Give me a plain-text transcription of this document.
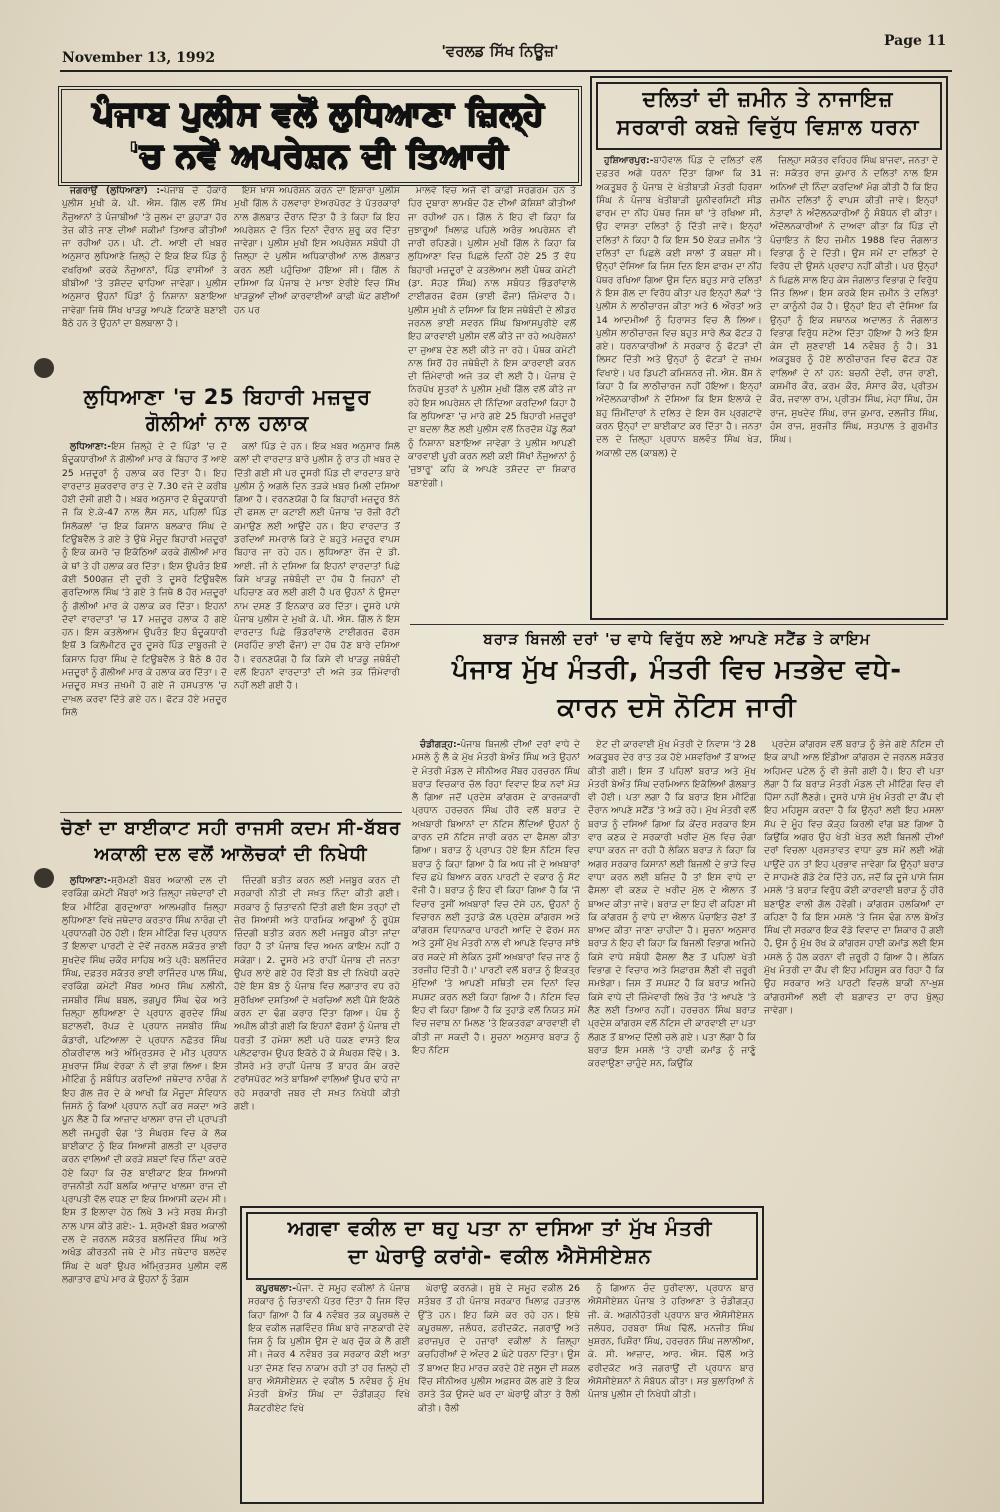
November 13, 1992	'ਵਰਲਡ ਸਿੱਖ ਨਿਊਜ਼'
Page 11
ਪੰਜਾਬ ਪੁਲੀਸ ਵਲੋਂ ਲੁਧਿਆਣਾ ਜ਼ਿਲ੍ਹੇ
'ਚ ਨਵੇਂ ਅਪਰੇਸ਼ਨ ਦੀ ਤਿਆਰੀ

ਜਗਰਾਉਂ (ਲੁਧਿਆਣਾ) :-ਪੰਜਾਬ ਦੇ ਹੱਕਾਰੇ ਪੁਲੀਸ ਮੁਖੀ ਕੇ. ਪੀ. ਐਸ. ਗਿੱਲ ਵਲੋਂ ਸਿੱਖ ਨੌਜੁਆਨਾਂ ਤੇ ਪੰਜਾਬੀਆਂ 'ਤੇ ਜ਼ੁਲਮ ਦਾ ਕੁਹਾੜਾ ਹੋਰ ਤੇਜ਼ ਕੀਤੇ ਜਾਣ ਦੀਆਂ ਸਕੀਮਾਂ ਤਿਆਰ ਕੀਤੀਆਂ ਜਾ ਰਹੀਆਂ ਹਨ। ਪੀ. ਟੀ. ਆਈ ਦੀ ਖ਼ਬਰ ਅਨੁਸਾਰ ਲੁਧਿਆਣੇ ਜ਼ਿਲ੍ਹੇ ਦੇ ਇਕ ਇਕ ਪਿੰਡ ਨੂੰ ਵਖਰਿਆਂ ਕਰਕੇ ਨੌਜੁਆਨਾਂ, ਪਿੰਡ ਵਾਸੀਆਂ ਤੇ ਬੀਬੀਆਂ 'ਤੇ ਤਸ਼ੱਦਦ ਢਾਹਿਆ ਜਾਵੇਗਾ। ਪੁਲੀਸ ਅਨੁਸਾਰ ਉਹਨਾਂ ਪਿੰਡਾਂ ਨੂੰ ਨਿਸ਼ਾਨਾ ਬਣਾਇਆ ਜਾਵੇਗਾ ਜਿਥੇ ਸਿੱਖ ਖਾੜਕੂ ਆਪਣੇ ਟਿਕਾਣੇ ਬਣਾਈ ਬੈਠੇ ਹਨ ਤੇ ਉਹਨਾਂ ਦਾ ਬੋਲਬਾਲਾ ਹੈ।

ਇਸ ਖ਼ਾਸ ਅਪਰੇਸ਼ਨ ਕਰਨ ਦਾ ਇਸ਼ਾਰਾ ਪੁਲੀਸ ਮੁਖੀ ਗਿੱਲ ਨੇ ਹਲਵਾਰਾ ਏਅਰਪੋਰਟ ਤੇ ਪੱਤਰਕਾਰਾਂ ਨਾਲ ਗੱਲਬਾਤ ਦੌਰਾਨ ਦਿੱਤਾ ਹੈ ਤੇ ਕਿਹਾ ਕਿ ਇਹ ਅਪਰੇਸ਼ਨ ਦੋ ਤਿੰਨ ਦਿਨਾਂ ਦੌਰਾਨ ਸ਼ੁਰੂ ਕਰ ਦਿੱਤਾ ਜਾਵੇਗਾ। ਪੁਲੀਸ ਮੁਖੀ ਇਸ ਅਪਰੇਸ਼ਨ ਸਬੰਧੀ ਹੀ ਜ਼ਿਲ੍ਹਾ ਦੇ ਪੁਲੀਸ ਅਧਿਕਾਰੀਆਂ ਨਾਲ ਗੱਲਬਾਤ ਕਰਨ ਲਈ ਪਹੁੰਚਿਆ ਹੋਇਆ ਸੀ। ਗਿੱਲ ਨੇ ਦਸਿਆ ਕਿ ਪੰਜਾਬ ਦੇ ਮਾਝਾ ਏਰੀਏ ਵਿਚ ਸਿੱਖ ਖਾੜਕੂਆਂ ਦੀਆਂ ਕਾਰਵਾਈਆਂ ਕਾਫ਼ੀ ਘੱਟ ਗਈਆਂ ਹਨ ਪਰ

ਮਾਲਵੇ ਵਿਚ ਅਜੇ ਵੀ ਕਾਫ਼ੀ ਸਰਗਰਮ ਹਨ ਤੇ ਹਿਰ ਦੁਬਾਰਾ ਲਾਮਬੰਦ ਹੋਣ ਦੀਆਂ ਕੋਸ਼ਿਸ਼ਾਂ ਕੀਤੀਆਂ ਜਾ ਰਹੀਆਂ ਹਨ। ਗਿੱਲ ਨੇ ਇਹ ਵੀ ਕਿਹਾ ਕਿ ਜੁਝਾਰੂਆਂ ਖ਼ਿਲਾਫ਼ ਪਹਿਲੇ ਅਰੰਭ ਅਪਰੇਸ਼ਨ ਵੀ ਜਾਰੀ ਰਹਿਣਗੇ। ਪੁਲੀਸ ਮੁਖੀ ਗਿੱਲ ਨੇ ਕਿਹਾ ਕਿ ਲੁਧਿਆਣਾ ਵਿਚ ਪਿਛਲੇ ਦਿਨੀਂ ਹੋਏ 25 ਤੋਂ ਵੱਧ ਬਿਹਾਰੀ ਮਜ਼ਦੂਰਾਂ ਦੇ ਕਤਲੇਆਮ ਲਈ ਪੰਥਕ ਕਮੇਟੀ (ਡਾ. ਸੋਹਣ ਸਿੰਘ) ਨਾਲ ਸਬੰਧਤ ਭਿੰਡਰਾਂਵਾਲੇ ਟਾਈਗਰਜ਼ ਫੋਰਸ (ਭਾਈ ਫੌਜਾ) ਜ਼ਿੰਮੇਵਾਰ ਹੈ। ਪੁਲੀਸ ਮੁਖੀ ਨੇ ਦਸਿਆ ਕਿ ਇਸ ਜਥੇਬੰਦੀ ਦੇ ਲੀਡਰ ਜਰਨਲ ਭਾਈ ਸਵਰਨ ਸਿੰਘ ਬਿਆਸਪੁਰੀਏ ਵਲੋਂ ਇਹ ਕਾਰਵਾਈ ਪੁਲੀਸ ਵਲੋਂ ਕੀਤੇ ਜਾ ਰਹੇ ਅਪਰੇਸ਼ਨਾਂ ਦਾ ਜੁਆਬ ਦੇਣ ਲਈ ਕੀਤੇ ਜਾ ਰਹੇ। ਪੰਥਕ ਕਮੇਟੀ ਨਾਲ ਸਿਰੋਂ ਹੋਰ ਜਥੇਬੰਦੀ ਨੇ ਇਸ ਕਾਰਵਾਈ ਕਰਨ ਦੀ ਜ਼ਿੰਮੇਵਾਰੀ ਅਜੇ ਤਕ ਵੀ ਲਈ ਹੈ। ਪੰਜਾਬ ਦੇ ਨਿਰਪੱਖ ਸੂਤਰਾਂ ਨੇ ਪੁਲੀਸ ਮੁਖੀ ਗਿੱਲ ਵਲੋਂ ਕੀਤੇ ਜਾ ਰਹੇ ਇਸ ਅਪਰੇਸ਼ਨ ਦੀ ਨਿੰਦਿਆ ਕਰਦਿਆਂ ਕਿਹਾ ਹੈ ਕਿ ਲੁਧਿਆਣਾ 'ਚ ਮਾਰੇ ਗਏ 25 ਬਿਹਾਰੀ ਮਜ਼ਦੂਰਾਂ ਦਾ ਬਦਲਾ ਲੈਣ ਲਈ ਪੁਲੀਸ ਵਲੋਂ ਨਿਰਦੋਸ਼ ਪੇਂਡੂ ਲੋਕਾਂ ਨੂੰ ਨਿਸ਼ਾਨਾ ਬਣਾਇਆ ਜਾਵੇਗਾ ਤੇ ਪੁਲੀਸ ਆਪਣੀ ਕਾਰਵਾਈ ਪੂਰੀ ਕਰਨ ਲਈ ਕਈ ਸਿੱਖਾਂ ਨੌਜੁਆਨਾਂ ਨੂੰ 'ਜੁਝਾਰੂ' ਕਹਿ ਕੇ ਆਪਣੇ ਤਸ਼ੱਦਦ ਦਾ ਸ਼ਿਕਾਰ ਬਣਾਏਗੀ।

ਲੁਧਿਆਣਾ 'ਚ 25 ਬਿਹਾਰੀ ਮਜ਼ਦੂਰ
ਗੋਲੀਆਂ ਨਾਲ ਹਲਾਕ

ਲੁਧਿਆਣਾ:-ਇਸ ਜ਼ਿਲ੍ਹੇ ਦੇ ਦੋ ਪਿੰਡਾਂ 'ਚ ਦੋ ਬੰਦੂਕਧਾਰੀਆਂ ਨੇ ਗੋਲੀਆਂ ਮਾਰ ਕੇ ਬਿਹਾਰ ਤੋਂ ਆਏ 25 ਮਜ਼ਦੂਰਾਂ ਨੂੰ ਹਲਾਕ ਕਰ ਦਿੱਤਾ ਹੈ। ਇਹ ਵਾਰਦਾਤ ਸ਼ੁਕਰਵਾਰ ਰਾਤ ਦੇ 7.30 ਵਜੇ ਦੇ ਕਰੀਬ ਹੋਈ ਦੱਸੀ ਗਈ ਹੈ। ਖ਼ਬਰ ਅਨੁਸਾਰ ਦੋ ਬੰਦੂਕਧਾਰੀ ਜੋ ਕਿ ਏ.ਕੇ-47 ਨਾਲ ਲੈਸ ਸਨ, ਪਹਿਲਾਂ ਪਿੰਡ ਸਿਲੋਕਲਾਂ 'ਚ ਇਕ ਕਿਸਾਨ ਬਲਕਾਰ ਸਿੰਘ ਦੇ ਟਿਊਬਵੈਲ ਤੇ ਗਏ ਤੇ ਉਥੇ ਮੌਜੂਦ ਬਿਹਾਰੀ ਮਜ਼ਦੂਰਾਂ ਨੂੰ ਇਕ ਕਮਰੇ 'ਚ ਇਕੱਠਿਆਂ ਕਰਕੇ ਗੋਲੀਆਂ ਮਾਰ ਕੇ ਥਾਂ ਤੇ ਹੀ ਹਲਾਕ ਕਰ ਦਿੱਤਾ। ਇਸ ਉਪਰੰਤ ਇਥੋਂ ਕੋਈ 500ਗਜ਼ ਦੀ ਦੂਰੀ ਤੇ ਦੂਸਰੇ ਟਿਊਬਵੈਲ ਗੁਰਦਿਆਲ ਸਿੰਘ 'ਤੇ ਗਏ ਤੇ ਜਿਥੇ 8 ਹੋਰ ਮਜ਼ਦੂਰਾਂ ਨੂੰ ਗੋਲੀਆਂ ਮਾਰ ਕੇ ਹਲਾਕ ਕਰ ਦਿੱਤਾ। ਇਹਨਾਂ ਦੋਵਾਂ ਵਾਰਦਾਤਾਂ 'ਚ 17 ਮਜ਼ਦੂਰ ਹਲਾਕ ਹੋ ਗਏ ਹਨ। ਇਸ ਕਤਲੇਆਮ ਉਪਰੰਤ ਇਹ ਬੰਦੂਕਧਾਰੀ ਇਥੋਂ 3 ਕਿਲੋਮੀਟਰ ਦੂਰ ਦੂਸਰੇ ਪਿੰਡ ਦਾਬੂਰਜੀ ਦੇ ਕਿਸਾਨ ਹਿਰਾ ਸਿੰਘ ਦੇ ਟਿਊਬਵੈਲ ਤੇ ਬੈਠੇ 8 ਹੋਰ ਮਜ਼ਦੂਰਾਂ ਨੂੰ ਗੋਲੀਆਂ ਮਾਰ ਕੇ ਹਲਾਕ ਕਰ ਦਿੱਤਾ। ਦੋ ਮਜ਼ਦੂਰ ਸਖ਼ਤ ਜ਼ਖ਼ਮੀ ਹੋ ਗਏ ਜੋ ਹਸਪਤਾਲ 'ਚ ਦਾਖ਼ਲ ਕਰਵਾ ਦਿੱਤੇ ਗਏ ਹਨ। ਫੱਟੜ ਹੋਏ ਮਜ਼ਦੂਰ ਸਿਲੋ

ਕਲਾਂ ਪਿੰਡ ਦੇ ਹਨ। ਇਕ ਖ਼ਬਰ ਅਨੁਸਾਰ ਸਿਲੋ ਕਲਾਂ ਦੀ ਵਾਰਦਾਤ ਬਾਰੇ ਪੁਲੀਸ ਨੂੰ ਰਾਤ ਹੀ ਖ਼ਬਰ ਦੇ ਦਿੱਤੀ ਗਈ ਸੀ ਪਰ ਦੂਸਰੀ ਪਿੰਡ ਦੀ ਵਾਰਦਾਤ ਬਾਰੇ ਪੁਲੀਸ ਨੂੰ ਅਗਲੇ ਦਿਨ ਤੜਕੇ ਖ਼ਬਰ ਮਿਲੀ ਦਸਿਆ ਗਿਆ ਹੈ। ਵਰਨਣਯੋਗ ਹੈ ਕਿ ਬਿਹਾਰੀ ਮਜ਼ਦੂਰ ਝੋਨੇ ਦੀ ਫਸਲ ਦਾ ਕਟਾਈ ਲਈ ਪੰਜਾਬ 'ਚ ਰੋਜ਼ੀ ਰੋਟੀ ਕਮਾਉਣ ਲਈ ਆਉਂਦੇ ਹਨ। ਇਹ ਵਾਰਦਾਤ ਤੋਂ ਡਰਦਿਆਂ ਸਮਰਾਲੇ ਕਿਤੇ ਦੇ ਬਹੁਤੇ ਮਜ਼ਦੂਰ ਵਾਪਸ ਬਿਹਾਰ ਜਾ ਰਹੇ ਹਨ। ਲੁਧਿਆਣਾ ਰੇਂਜ ਦੇ ਡੀ. ਆਈ. ਜੀ ਨੇ ਦਸਿਆ ਕਿ ਇਹਨਾਂ ਵਾਰਦਾਤਾਂ ਪਿਛੇ ਕਿਸੇ ਖਾੜਕੂ ਜਥੇਬੰਦੀ ਦਾ ਹੱਥ ਹੈ ਜਿਹਨਾਂ ਦੀ ਪਹਿਚਾਣ ਕਰ ਲਈ ਗਈ ਹੈ ਪਰ ਉਹਨਾਂ ਨੇ ਉਸਦਾ ਨਾਮ ਦਸਣ ਤੋਂ ਇਨਕਾਰ ਕਰ ਦਿੱਤਾ। ਦੂਸਰੇ ਪਾਸੇ ਪੰਜਾਬ ਪੁਲੀਸ ਦੇ ਮੁਖੀ ਕੇ. ਪੀ. ਐਸ. ਗਿੱਲ ਨੇ ਇਸ ਵਾਰਦਾਤ ਪਿਛੇ ਭਿੰਡਰਾਂਵਾਲੇ ਟਾਈਗਰਜ਼ ਫੋਰਸ (ਸਰਹਿੰਦ ਭਾਈ ਫੌਜਾ) ਦਾ ਹੱਥ ਹੋਣ ਬਾਰੇ ਦਸਿਆ ਹੈ। ਵਰਨਣਯੋਗ ਹੈ ਕਿ ਕਿਸੇ ਵੀ ਖਾੜਕੂ ਜਥੇਬੰਦੀ ਵਲੋਂ ਇਹਨਾਂ ਵਾਰਦਾਤਾਂ ਦੀ ਅਜੇ ਤਕ ਜ਼ਿੰਮੇਵਾਰੀ ਨਹੀਂ ਲਈ ਗਈ ਹੈ।

ਚੋਣਾਂ ਦਾ ਬਾਈਕਾਟ ਸਹੀ ਰਾਜਸੀ ਕਦਮ ਸੀ-ਬੱਬਰ
ਅਕਾਲੀ ਦਲ ਵਲੋਂ ਆਲੋਚਕਾਂ ਦੀ ਨਿਖੇਧੀ

ਲੁਧਿਆਣਾ:-ਸ਼੍ਰੋਮਣੀ ਬੱਬਰ ਅਕਾਲੀ ਦਲ ਦੀ ਵਰਕਿੰਗ ਕਮੇਟੀ ਮੈਂਬਰਾਂ ਅਤੇ ਜ਼ਿਲ੍ਹਾ ਜਥੇਦਾਰਾਂ ਦੀ ਇਕ ਮੀਟਿੰਗ ਗੁਰਦੁਆਰਾ ਆਲਮਗੀਰ ਜ਼ਿਲ੍ਹਾ ਲੁਧਿਆਣਾ ਵਿਖੇ ਜਥੇਦਾਰ ਕਰਤਾਰ ਸਿੰਘ ਨਾਰੰਗ ਦੀ ਪ੍ਰਧਾਨਗੀ ਹੇਠ ਹੋਈ। ਇਸ ਮੀਟਿੰਗ ਵਿਚ ਪ੍ਰਧਾਨ ਤੋਂ ਇਲਾਵਾ ਪਾਰਟੀ ਦੇ ਦੋਵੇਂ ਜਰਨਲ ਸਕੱਤਰ ਭਾਈ ਸੁਖਦੇਵ ਸਿੰਘ ਚਕੌਰ ਸਾਹਿਬ ਅਤੇ ਪ੍ਰੋ: ਬਲਜਿੰਦਰ ਸਿੰਘ, ਦਫ਼ਤਰ ਸਕੱਤਰ ਭਾਈ ਰਾਜਿੰਦਰ ਪਾਲ ਸਿੰਘ, ਵਰਕਿੰਗ ਕਮੇਟੀ ਮੈਂਬਰ ਅਮਰ ਸਿੰਘ ਨਲੀਨੀ, ਜਸਬੀਰ ਸਿੰਘ ਬਬਲ, ਭਗਪੂਰ ਸਿੰਘ ਢੇਕ ਅਤੇ ਜ਼ਿਲ੍ਹਾ ਲੁਧਿਆਣਾ ਦੇ ਪ੍ਰਧਾਨ ਗੁਰਦੇਵ ਸਿੰਘ ਬਟਾਲਵੀ, ਰੋਪੜ ਦੇ ਪ੍ਰਧਾਨ ਜਸਬੀਰ ਸਿੰਘ ਕੰਡਾਰੀ, ਪਟਿਆਲਾ ਦੇ ਪ੍ਰਧਾਨ ਨਛੱਤਰ ਸਿੰਘ ਠੀਕਰੀਵਾਲ ਅਤੇ ਅੰਮ੍ਰਿਤਸਰ ਦੇ ਮੀਤ ਪ੍ਰਧਾਨ ਸੁਖਰਾਜ ਸਿੰਘ ਵੇਰਕਾ ਨੇ ਵੀ ਭਾਗ ਲਿਆ। ਇਸ ਮੀਟਿੰਗ ਨੂੰ ਸਬੰਧਿਤ ਕਰਦਿਆਂ ਜਥੇਦਾਰ ਨਾਰੰਗ ਨੇ ਇਹ ਗੱਲ ਜ਼ੋਰ ਦੇ ਕੇ ਆਖੀ ਕਿ ਮੌਜੂਦਾ ਸੰਵਿਧਾਨ ਜਿਸਨੇ ਨੂੰ ਕਿਆਂ ਪ੍ਰਧਾਨ ਨਹੀਂ ਕਰ ਸਕਦਾ ਅਤੇ ਪੂਨ ਲੈਣ ਹੈ ਕਿ ਆਜ਼ਾਦ ਖਾਲਸਾ ਰਾਜ ਦੀ ਪ੍ਰਾਪਤੀ ਲਈ ਜਮਹੂਰੀ ਢੰਗ 'ਤੇ ਸੰਘਰਸ਼ ਵਿਚ ਕੇ ਲੋਕ ਬਾਈਕਾਟ ਨੂੰ ਇਕ ਸਿਆਸੀ ਗਲਤੀ ਦਾ ਪ੍ਰਚਾਰ ਕਰਨ ਵਾਲਿਆਂ ਦੀ ਕਰੜੇ ਸ਼ਬਦਾਂ ਵਿਚ ਨਿੰਦਾ ਕਰਦੇ ਹੋਏ ਕਿਹਾ ਕਿ ਚੋਣ ਬਾਈਕਾਟ ਇਕ ਸਿਆਸੀ ਰਾਜਨੀਤੀ ਨਹੀਂ ਬਲਕਿ ਆਜ਼ਾਦ ਖਾਲਸਾ ਰਾਜ ਦੀ ਪ੍ਰਾਪਤੀ ਵੱਲ ਵਧਣ ਦਾ ਇਕ ਸਿਆਸੀ ਕਦਮ ਸੀ। ਇਸ ਤੋਂ ਇਲਾਵਾ ਹੇਠ ਲਿਖੇ 3 ਮਤੇ ਸਰਬ ਸੰਮਤੀ ਨਾਲ ਪਾਸ ਕੀਤੇ ਗਏ:- 1. ਸ਼੍ਰੋਮਣੀ ਬੱਬਰ ਅਕਾਲੀ ਦਲ ਦੇ ਜਰਨਲ ਸਕੱਤਰ ਬਲਜਿੰਦਰ ਸਿੰਘ ਅਤੇ ਅਖੰਡ ਕੀਰਤਨੀ ਜਥੇ ਦੇ ਮੀਤ ਜਥੇਦਾਰ ਬਲਦੇਵ ਸਿੰਘ ਦੇ ਘਰਾਂ ਉਪਰ ਅੰਮ੍ਰਿਤਸਰ ਪੁਲੀਸ ਵਲੋਂ ਲਗਾਤਾਰ ਛਾਪੇ ਮਾਰ ਕੇ ਉਹਨਾਂ ਨੂੰ ਤੰਗਸ

ਜ਼ਿੰਦਗੀ ਬਤੀਤ ਕਰਨ ਲਈ ਮਜਬੂਰ ਕਰਨ ਦੀ ਸਰਕਾਰੀ ਨੀਤੀ ਦੀ ਸਖ਼ਤ ਨਿੰਦਾ ਕੀਤੀ ਗਈ। ਸਰਕਾਰ ਨੂੰ ਚਿਤਾਵਨੀ ਦਿੱਤੀ ਗਈ ਇਸ ਤਰ੍ਹਾਂ ਦੀ ਜ਼ੇਰ ਸਿਆਸੀ ਅਤੇ ਧਾਰਮਿਕ ਆਗੂਆਂ ਨੂੰ ਰੂਪੋਸ਼ ਜ਼ਿੰਦਗੀ ਬਤੀਤ ਕਰਨ ਲਈ ਮਜਬੂਰ ਕੀਤਾ ਜਾਂਦਾ ਰਿਹਾ ਹੈ ਤਾਂ ਪੰਜਾਬ ਵਿਚ ਅਮਨ ਕਾਇਮ ਨਹੀਂ ਹੋ ਸਕੇਗਾ। 2. ਦੂਸਰੇ ਮਤੇ ਰਾਹੀਂ ਪੰਜਾਬ ਦੀ ਜਨਤਾ ਉਪਰ ਲਾਏ ਗਏ ਹੋਰ ਵਿੱਤੀ ਬੋਝ ਦੀ ਨਿਖੇਧੀ ਕਰਦੇ ਹੋਏ ਇਸ ਬੋਝ ਨੂੰ ਪੰਜਾਬ ਵਿਚ ਲਗਾਤਾਰ ਵਧ ਰਹੇ ਸੁਰੱਖਿਆ ਦਸਤਿਆਂ ਦੇ ਖ਼ਰਚਿਆਂ ਲਈ ਪੈਸੇ ਇਕੱਠੇ ਕਰਨ ਦਾ ਢੰਗ ਕਰਾਰ ਦਿੱਤਾ ਗਿਆ। ਪੰਥ ਨੂੰ ਅਪੀਲ ਕੀਤੀ ਗਈ ਕਿ ਇਹਨਾਂ ਫੋਰਸਾਂ ਨੂੰ ਪੰਜਾਬ ਦੀ ਧਰਤੀ ਤੋਂ ਹਮੇਸ਼ਾ ਲਈ ਪਰੇ ਧਕਣ ਵਾਸਤੇ ਇਕ ਪਲੇਟਫਾਰਮ ਉਪਰ ਇਕੱਠੇ ਹੋ ਕੇ ਸੰਘਰਸ਼ ਵਿੱਢੇ। 3. ਤੀਸਰੇ ਮਤੇ ਰਾਹੀਂ ਪੰਜਾਬ ਤੋਂ ਬਾਹਰ ਕੰਮ ਕਰਦੇ ਟਰਾਂਸਪੋਰਟ ਅਤੇ ਬਾਬਿਆਂ ਵਾਲਿਆਂ ਉਪਰ ਢਾਹੇ ਜਾ ਰਹੇ ਸਰਕਾਰੀ ਜਬਰ ਦੀ ਸਖ਼ਤ ਨਿਖੇਧੀ ਕੀਤੀ ਗਈ।

ਦਲਿਤਾਂ ਦੀ ਜ਼ਮੀਨ ਤੇ ਨਾਜਾਇਜ਼
ਸਰਕਾਰੀ ਕਬਜ਼ੇ ਵਿਰੁੱਧ ਵਿਸ਼ਾਲ ਧਰਨਾ

ਹੁਸ਼ਿਆਰਪੁਰ:-ਬਾਹੋਵਾਲ ਪਿੰਡ ਦੇ ਦਲਿਤਾਂ ਵਲੋਂ ਦਫ਼ਤਰ ਅਗੇ ਧਰਨਾ ਦਿੱਤਾ ਗਿਆ ਕਿ 31 ਅਕਤੂਬਰ ਨੂੰ ਪੰਜਾਬ ਦੇ ਖੇਤੀਬਾੜੀ ਮੰਤਰੀ ਹਿਰਸਾ ਸਿੰਘ ਨੇ ਪੰਜਾਬ ਖੇਤੀਬਾੜੀ ਯੂਨੀਵਰਸਿਟੀ ਸੀਡ ਫਾਰਮ ਦਾ ਨੀਂਹ ਪੱਥਰ ਜਿਸ ਥਾਂ 'ਤੇ ਰਖਿਆ ਸੀ, ਉਹ ਵਾਸਤਾ ਦਲਿਤਾਂ ਨੂੰ ਦਿੱਤੀ ਜਾਵੇ। ਇਨ੍ਹਾਂ ਦਲਿਤਾਂ ਨੇ ਕਿਹਾ ਹੈ ਕਿ ਇਸ 50 ਏਕੜ ਜ਼ਮੀਨ 'ਤੇ ਦਲਿਤਾਂ ਦਾ ਪਿਛਲੇ ਕਈ ਸਾਲਾਂ ਤੋਂ ਕਬਜ਼ਾ ਸੀ। ਉਨ੍ਹਾਂ ਦੱਸਿਆ ਕਿ ਜਿਸ ਦਿਨ ਇਸ ਫਾਰਮ ਦਾ ਨੀਂਹ ਪੱਥਰ ਰਖਿਆ ਗਿਆ ਉਸ ਦਿਨ ਬਹੁਤ ਸਾਰੇ ਦਲਿਤਾਂ ਨੇ ਇਸ ਗੱਲ ਦਾ ਵਿਰੋਧ ਕੀਤਾ ਪਰ ਇਨ੍ਹਾਂ ਲੋਕਾਂ 'ਤੇ ਪੁਲੀਸ ਨੇ ਲਾਠੀਚਾਰਜ ਕੀਤਾ ਅਤੇ 6 ਔਰਤਾਂ ਅਤੇ 14 ਆਦਮੀਆਂ ਨੂੰ ਹਿਰਾਸਤ ਵਿਚ ਲੈ ਲਿਆ। ਪੁਲੀਸ ਲਾਠੀਚਾਰਜ ਵਿਚ ਬਹੁਤ ਸਾਰੇ ਲੋਕ ਫੱਟੜ ਹੋ ਗਏ। ਧਰਨਾਕਾਰੀਆਂ ਨੇ ਸਰਕਾਰ ਨੂੰ ਫੱਟੜਾਂ ਦੀ ਲਿਸਟ ਦਿੱਤੀ ਅਤੇ ਉਨ੍ਹਾਂ ਨੂੰ ਫੱਟੜਾਂ ਦੇ ਜ਼ਖ਼ਮ ਵਿਖਾਏ। ਪਰ ਡਿਪਟੀ ਕਮਿਸ਼ਨਰ ਜੀ. ਐਸ. ਬੈਂਸ ਨੇ ਕਿਹਾ ਹੈ ਕਿ ਲਾਠੀਚਾਰਜ ਨਹੀਂ ਹੋਇਆ। ਇਨ੍ਹਾਂ ਅੰਦੋਲਨਕਾਰੀਆਂ ਨੇ ਦੱਸਿਆ ਕਿ ਇਸ ਇਲਾਕੇ ਦੇ ਬਹੁ ਜ਼ਿੰਮੀਂਦਾਰਾਂ ਨੇ ਦਲਿਤ ਦੇ ਇਸ ਰੋਸ ਪ੍ਰਗਟਾਵੇ ਕਰਨ ਉਨ੍ਹਾਂ ਦਾ ਬਾਈਕਾਟ ਕਰ ਦਿੱਤਾ ਹੈ। ਜਨਤਾ ਦਲ ਦੇ ਜ਼ਿਲ੍ਹਾ ਪ੍ਰਧਾਨ ਬਲਵੰਤ ਸਿੰਘ ਖੇੜ, ਅਕਾਲੀ ਦਲ (ਕਾਬਲ) ਦੇ

ਜ਼ਿਲ੍ਹਾ ਸਕੱਤਰ ਵਰਿਹਰ ਸਿੰਘ ਬਾਜਵਾ, ਜਨਤਾ ਦੇ ਜ: ਸਕੱਤਰ ਰਾਜ ਕੁਮਾਰ ਨੇ ਦਲਿਤਾਂ ਨਾਲ ਇਸ ਅਨਿਆਂ ਦੀ ਨਿੰਦਾ ਕਰਦਿਆਂ ਮੰਗ ਕੀਤੀ ਹੈ ਕਿ ਇਹ ਜ਼ਮੀਨ ਦਲਿਤਾਂ ਨੂੰ ਵਾਪਸ ਕੀਤੀ ਜਾਵੇ। ਇਨ੍ਹਾਂ ਨੇਤਾਵਾਂ ਨੇ ਅੰਦੋਲਨਕਾਰੀਆਂ ਨੂੰ ਸੰਬੋਧਨ ਵੀ ਕੀਤਾ। ਅੰਦੋਲਨਕਾਰੀਆਂ ਨੇ ਦਾਅਵਾ ਕੀਤਾ ਕਿ ਪਿੰਡ ਦੀ ਪੰਚਾਇਤ ਨੇ ਇਹ ਜ਼ਮੀਨ 1988 ਵਿਚ ਜੰਗਲਾਤ ਵਿਭਾਗ ਨੂੰ ਦੇ ਦਿੱਤੀ। ਉਸ ਸਮੇਂ ਦਾ ਦਲਿਤਾਂ ਦੇ ਵਿਰੋਧ ਦੀ ਉਸਨੇ ਪ੍ਰਵਾਹ ਨਹੀਂ ਕੀਤੀ। ਪਰ ਉਨ੍ਹਾਂ ਨੇ ਪਿਛਲੇ ਸਾਲ ਇਹ ਕੇਸ ਜੰਗਲਾਤ ਵਿਭਾਗ ਦੇ ਵਿਰੁੱਧ ਜਿੱਤ ਲਿਆ। ਇਸ ਕਰਕੇ ਇਸ ਜ਼ਮੀਨ ਤੇ ਦਲਿਤਾਂ ਦਾ ਕਾਨੂੰਨੀ ਹੱਕ ਹੈ। ਉਨ੍ਹਾਂ ਇਹ ਵੀ ਦੱਸਿਆ ਕਿ ਉਨ੍ਹਾਂ ਨੂੰ ਇਕ ਸਥਾਨਕ ਅਦਾਲਤ ਨੇ ਜੰਗਲਾਤ ਵਿਭਾਗ ਵਿਰੁੱਧ ਸਟੇਅ ਦਿੱਤਾ ਹੋਇਆ ਹੈ ਅਤੇ ਇਸ ਕੇਸ ਦੀ ਸੁਣਵਾਈ 14 ਨਵੰਬਰ ਨੂੰ ਹੈ। 31 ਅਕਤੂਬਰ ਨੂੰ ਹੋਏ ਲਾਠੀਚਾਰਜ ਵਿਚ ਫੱਟੜ ਹੋਣ ਵਾਲਿਆਂ ਦੇ ਨਾਂ ਹਨ: ਬਚਨੀ ਦੇਵੀ, ਰਾਜ ਰਾਣੀ, ਕਸ਼ਮੀਰ ਕੌਰ, ਕਰਮ ਕੌਰ, ਸੰਸਾਰ ਕੌਰ, ਪ੍ਰੀਤਮ ਕੌਰ, ਜਵਾਲਾ ਰਾਮ, ਪ੍ਰੀਤਮ ਸਿੰਘ, ਮੇਹਾ ਸਿੰਘ, ਹੰਸ ਰਾਜ, ਸੁਖਦੇਵ ਸਿੰਘ, ਰਾਜ ਕੁਮਾਰ, ਦਲਜੀਤ ਸਿੰਘ, ਹੰਸ ਰਾਜ, ਸੁਰਜੀਤ ਸਿੰਘ, ਸਤਪਾਲ ਤੇ ਗੁਰਮੀਤ ਸਿੰਘ।

ਬਰਾੜ ਬਿਜਲੀ ਦਰਾਂ 'ਚ ਵਾਧੇ ਵਿਰੁੱਧ ਲਏ ਆਪਣੇ ਸਟੈਂਡ ਤੇ ਕਾਇਮ
ਪੰਜਾਬ ਮੁੱਖ ਮੰਤਰੀ, ਮੰਤਰੀ ਵਿਚ ਮਤਭੇਦ ਵਧੇ-
ਕਾਰਨ ਦਸੋ ਨੋਟਿਸ ਜਾਰੀ

ਚੰਡੀਗੜ੍ਹ:-ਪੰਜਾਬ ਬਿਜਲੀ ਦੀਆਂ ਦਰਾਂ ਵਾਧੇ ਦੇ ਮਸਲੇ ਨੂੰ ਲੈ ਕੇ ਮੁੱਖ ਮੰਤਰੀ ਬੇਅੰਤ ਸਿੰਘ ਅਤੇ ਉਹਨਾਂ ਦੇ ਮੰਤਰੀ ਮੰਡਲ ਦੇ ਸੀਨੀਅਰ ਮੈਂਬਰ ਹਰਚਰਨ ਸਿੰਘ ਬਰਾੜ ਵਿਚਕਾਰ ਚੱਲ ਰਿਹਾ ਵਿਵਾਦ ਇਕ ਨਵਾਂ ਮੋੜ ਲੈ ਗਿਆ ਜਦੋਂ ਪ੍ਰਦੇਸ਼ ਕਾਂਗਰਸ ਦੇ ਕਾਰਜਕਾਰੀ ਪ੍ਰਧਾਨ ਹਰਚਰਨ ਸਿੰਘ ਹੀਰੋ ਵਲੋਂ ਬਰਾੜ ਦੇ ਅਖ਼ਬਾਰੀ ਬਿਆਨਾਂ ਦਾ ਨੋਟਿਸ ਲੈਂਦਿਆਂ ਉਹਨਾਂ ਨੂੰ ਕਾਰਨ ਦਸੋ ਨੋਟਿਸ ਜਾਰੀ ਕਰਨ ਦਾ ਫੈਸਲਾ ਕੀਤਾ ਗਿਆ। ਬਰਾੜ ਨੂੰ ਪ੍ਰਾਪਤ ਹੋਏ ਇਸ ਨੋਟਿਸ ਵਿਚ ਬਰਾੜ ਨੂੰ ਕਿਹਾ ਗਿਆ ਹੈ ਕਿ ਅਧ ਜੀ ਦੇ ਅਖ਼ਬਾਰਾਂ ਵਿਚ ਛਪੇ ਬਿਆਨ ਕਰਨ ਪਾਰਟੀ ਦੇ ਵਕਾਰ ਨੂੰ ਸੱਟ ਵੱਜੀ ਹੈ। ਬਰਾੜ ਨੂੰ ਇਹ ਵੀ ਕਿਹਾ ਗਿਆ ਹੈ ਕਿ 'ਜੋ ਵਿਚਾਰ ਤੁਸੀਂ ਅਖ਼ਬਾਰਾਂ ਵਿਚ ਦੱਸੇ ਹਨ, ਉਹਨਾਂ ਨੂੰ ਵਿਚਾਰਨ ਲਈ ਤੁਹਾਡੇ ਕੋਲ ਪ੍ਰਦੇਸ਼ ਕਾਂਗਰਸ ਅਤੇ ਕਾਂਗਰਸ ਵਿਧਾਨਕਾਰ ਪਾਰਟੀ ਆਦਿ ਦੇ ਫੋਰਮ ਸਨ ਅਤੇ ਤੁਸੀਂ ਮੁੱਖ ਮੰਤਰੀ ਨਾਲ ਵੀ ਆਪਣੇ ਵਿਚਾਰ ਸਾਂਝੇ ਕਰ ਸਕਦੇ ਸੀ ਲੇਕਿਨ ਤੁਸੀਂ ਅਖ਼ਬਾਰਾਂ ਵਿਚ ਜਾਣ ਨੂੰ ਤਰਜੀਹ ਦਿੱਤੀ ਹੈ।' ਪਾਰਟੀ ਵਲੋਂ ਬਰਾੜ ਨੂੰ ਇਕਤ੍ਰ ਮੁੱਦਿਆਂ 'ਤੇ ਆਪਣੀ ਸਥਿਤੀ ਦਸ ਦਿਨਾਂ ਵਿਚ ਸਪਸ਼ਟ ਕਰਨ ਲਈ ਕਿਹਾ ਗਿਆ ਹੈ। ਨੋਟਿਸ ਵਿਚ ਇਹ ਵੀ ਕਿਹਾ ਗਿਆ ਹੈ ਕਿ ਤੁਹਾਡੇ ਵਲੋਂ ਨਿਯਤ ਸਮੇਂ ਵਿਚ ਜਵਾਬ ਨਾ ਮਿਲਣ 'ਤੇ ਇਕਤਰਫ਼ਾ ਕਾਰਵਾਈ ਵੀ ਕੀਤੀ ਜਾ ਸਕਦੀ ਹੈ। ਸੂਚਨਾ ਅਨੁਸਾਰ ਬਰਾੜ ਨੂੰ ਇਹ ਨੋਟਿਸ

ਏਟ ਦੀ ਕਾਰਵਾਈ ਮੁੱਖ ਮੰਤਰੀ ਦੇ ਨਿਵਾਸ 'ਤੇ 28 ਅਕਤੂਬਰ ਦੇਰ ਰਾਤ ਤਕ ਹੋਏ ਮਸ਼ਵਰਿਆਂ ਤੋਂ ਬਾਅਦ ਕੀਤੀ ਗਈ। ਇਸ ਤੋਂ ਪਹਿਲਾਂ ਬਰਾੜ ਅਤੇ ਮੁੱਖ ਮੰਤਰੀ ਬੇਅੰਤ ਸਿੰਘ ਦਰਮਿਆਨ ਇਕੱਲਿਆਂ ਗੱਲਬਾਤ ਵੀ ਹੋਈ। ਪਤਾ ਲਗਾ ਹੈ ਕਿ ਬਰਾੜ ਇਸ ਮੀਟਿੰਗ ਦੌਰਾਨ ਆਪਣੇ ਸਟੈਂਡ 'ਤੇ ਅੜੇ ਰਹੇ। ਮੁੱਖ ਮੰਤਰੀ ਵਲੋਂ ਬਰਾੜ ਨੂੰ ਦਸਿਆਂ ਗਿਆ ਕਿ ਕੇਂਦਰ ਸਰਕਾਰ ਇਸ ਵਾਰ ਕਣਕ ਦੇ ਸਰਕਾਰੀ ਖ਼ਰੀਦ ਮੁੱਲ ਵਿਚ ਚੰਗਾ ਵਾਧਾ ਕਰਨ ਜਾ ਰਹੀ ਹੈ ਲੇਕਿਨ ਬਰਾੜ ਨੇ ਕਿਹਾ ਕਿ ਅਗਰ ਸਰਕਾਰ ਕਿਸਾਨਾਂ ਲਈ ਬਿਜਲੀ ਦੇ ਭਾੜੇ ਵਿਚ ਵਾਧਾ ਕਰਨ ਲਈ ਬਜ਼ਿਦ ਹੈ ਤਾਂ ਇਸ ਵਾਧੇ ਦਾ ਫੈਸਲਾ ਵੀ ਕਣਕ ਦੇ ਖ਼ਰੀਦ ਮੁੱਲ ਦੇ ਐਲਾਨ ਤੋਂ ਬਾਅਦ ਕੀਤਾ ਜਾਵੇ। ਬਰਾੜ ਦਾ ਇਹ ਵੀ ਕਹਿਣਾ ਸੀ ਕਿ ਕਾਂਗਰਸ ਨੂੰ ਵਾਧੇ ਦਾ ਐਲਾਨ ਪੰਚਾਇਤ ਚੋਣਾਂ ਤੋਂ ਬਾਅਦ ਕੀਤਾ ਜਾਣਾ ਚਾਹੀਦਾ ਹੈ। ਸੂਚਨਾ ਅਨੁਸਾਰ ਬਰਾੜ ਨੇ ਇਹ ਵੀ ਕਿਹਾ ਕਿ ਬਿਜਲੀ ਵਿਭਾਗ ਅਜਿਹੇ ਕਿਸੇ ਵਾਧੇ ਸਬੰਧੀ ਫੈਸਲਾ ਲੈਣ ਤੋਂ ਪਹਿਲਾਂ ਖੇਤੀ ਵਿਭਾਗ ਦੇ ਵਿਚਾਰ ਅਤੇ ਸਿਫ਼ਾਰਸ਼ ਲੈਣੀ ਵੀ ਜ਼ਰੂਰੀ ਸਮਝੇਗਾ। ਜਿਸ ਤੋਂ ਸਪਸ਼ਟ ਹੈ ਕਿ ਬਰਾੜ ਅਜਿਹੇ ਕਿਸੇ ਵਾਧੇ ਦੀ ਜ਼ਿੰਮੇਵਾਰੀ ਲਿਖੇ ਤੌਰ 'ਤੇ ਆਪਣੇ 'ਤੇ ਲੈਣ ਲਈ ਤਿਆਰ ਨਹੀਂ। ਹਰਚਰਨ ਸਿੰਘ ਬਰਾੜ ਪ੍ਰਦੇਸ਼ ਕਾਂਗਰਸ ਵਲੋਂ ਨੋਟਿਸ ਦੀ ਕਾਰਵਾਈ ਦਾ ਪਤਾ ਲੱਗਣ ਤੋਂ ਬਾਅਦ ਦਿੱਲੀ ਚਲੇ ਗਏ। ਪਤਾ ਲੱਗਾ ਹੈ ਕਿ ਬਰਾੜ ਇਸ ਮਸਲੇ 'ਤੇ ਹਾਈ ਕਮਾਂਡ ਨੂੰ ਜਾਣੂੰ ਕਰਵਾਉਣਾ ਚਾਹੁੰਦੇ ਸਨ, ਕਿਉਂਕਿ

ਪ੍ਰਦੇਸ਼ ਕਾਂਗਰਸ ਵਲੋਂ ਬਰਾੜ ਨੂੰ ਭੇਜੇ ਗਏ ਨੋਟਿਸ ਦੀ ਇਕ ਕਾਪੀ ਆਲ ਇੰਡੀਆ ਕਾਂਗਰਸ ਦੇ ਜਰਨਲ ਸਕੱਤਰ ਅਹਿਮਦ ਪਟੇਲ ਨੂੰ ਵੀ ਭੇਜੀ ਗਈ ਹੈ। ਇਹ ਵੀ ਪਤਾ ਲੱਗਾ ਹੈ ਕਿ ਬਰਾੜ ਮੰਤਰੀ ਮੰਡਲ ਦੀ ਮੀਟਿੰਗ ਵਿਚ ਵੀ ਹਿੱਸਾ ਨਹੀਂ ਲੈਣਗੇ। ਦੂਸਰੇ ਪਾਸੇ ਮੁੱਖ ਮੰਤਰੀ ਦਾ ਕੈਂਪ ਵੀ ਇਹ ਮਹਿਸੂਸ ਕਰਦਾ ਹੈ ਕਿ ਉਨ੍ਹਾਂ ਲਈ ਇਹ ਮਸਲਾ ਸੱਪ ਦੇ ਮੂੰਹ ਵਿਚ ਕੋੜ੍ਹ ਕਿਰਲੀ ਵਾਂਗ ਬਣ ਗਿਆ ਹੈ ਕਿਉਂਕਿ ਅਗਰ ਉਹ ਖੇਤੀ ਖੇਤਰ ਲਈ ਬਿਜਲੀ ਦੀਆਂ ਦਰਾਂ ਵਿਚਲਾ ਪ੍ਰਸਤਾਵਤ ਵਾਧਾ ਕੁਝ ਸਮੇਂ ਲਈ ਅੱਗੇ ਪਾਉਂਦੇ ਹਨ ਤਾਂ ਇਹ ਪ੍ਰਭਾਵ ਜਾਵੇਗਾ ਕਿ ਉਨ੍ਹਾਂ ਬਰਾੜ ਦੇ ਸਾਹਮਣੇ ਗੋਡੇ ਟੇਕ ਦਿੱਤੇ ਹਨ, ਜਦੋਂ ਕਿ ਦੂਜੇ ਪਾਸੇ ਜਿਸ ਮਸਲੇ 'ਤੇ ਬਰਾੜ ਵਿਰੁੱਧ ਕੋਈ ਕਾਰਵਾਈ ਬਰਾੜ ਨੂੰ ਹੀਰੋ ਬਣਾਉਣ ਵਾਲੀ ਗੱਲ ਹੋਵੇਗੀ। ਕਾਂਗਰਸ ਹਲਕਿਆਂ ਦਾ ਕਹਿਣਾ ਹੈ ਕਿ ਇਸ ਮਸਲੇ 'ਤੇ ਜਿਸ ਢੰਗ ਨਾਲ ਬੇਅੰਤ ਸਿੰਘ ਦੀ ਸਰਕਾਰ ਇਕ ਵੱਡੇ ਵਿਵਾਦ ਦਾ ਸ਼ਿਕਾਰ ਹੋ ਗਈ ਹੈ, ਉਸ ਨੂੰ ਮੁੱਖ ਰੱਖ ਕੇ ਕਾਂਗਰਸ ਹਾਈ ਕਮਾਂਡ ਲਈ ਇਸ ਮਸਲੇ ਨੂੰ ਹੱਲ ਕਰਨਾ ਵੀ ਜ਼ਰੂਰੀ ਹੋ ਗਿਆ ਹੈ। ਲੇਕਿਨ ਮੁੱਖ ਮੰਤਰੀ ਦਾ ਕੈਂਪ ਵੀ ਇਹ ਮਹਿਸੂਸ ਕਰ ਰਿਹਾ ਹੈ ਕਿ ਉਹ ਸਰਕਾਰ ਅਤੇ ਪਾਰਟੀ ਵਿਚਲੇ ਬਾਕੀ ਨਾ-ਖ਼ੁਸ਼ ਕਾਂਗਰਸੀਆਂ ਲਈ ਵੀ ਬਗ਼ਾਵਤ ਦਾ ਰਾਹ ਖੁੱਲ੍ਹ ਜਾਵੇਗਾ।

ਅਗਵਾ ਵਕੀਲ ਦਾ ਥਹੁ ਪਤਾ ਨਾ ਦਸਿਆ ਤਾਂ ਮੁੱਖ ਮੰਤਰੀ
ਦਾ ਘੇਰਾਉ ਕਰਾਂਗੇ- ਵਕੀਲ ਐਸੋਸੀਏਸ਼ਨ

ਕਪੂਰਥਲਾ:-ਪੰਜਾ. ਦੇ ਸਮੂਹ ਵਕੀਲਾਂ ਨੇ ਪੰਜਾਬ ਸਰਕਾਰ ਨੂੰ ਚਿਤਾਵਨੀ ਪੱਤਰ ਦਿੱਤਾ ਹੈ ਜਿਸ ਵਿੱਚ ਕਿਹਾ ਗਿਆ ਹੈ ਕਿ 4 ਨਵੰਬਰ ਤਕ ਕਪੂਰਥਲੇ ਦੇ ਇਕ ਵਕੀਲ ਜਗਵਿੰਦਰ ਸਿੰਘ ਬਾਰੇ ਜਾਣਕਾਰੀ ਦੇਵੇ ਜਿਸ ਨੂੰ ਕਿ ਪੁਲੀਸ ਉਸ ਦੇ ਘਰ ਚੁੱਕ ਕੇ ਲੈ ਗਈ ਸੀ। ਜੇਕਰ 4 ਨਵੰਬਰ ਤਕ ਸਰਕਾਰ ਕੋਈ ਅਤਾ ਪਤਾ ਦੱਸਣ ਵਿਚ ਨਾਕਾਮ ਰਹੀ ਤਾਂ ਹਰ ਜ਼ਿਲ੍ਹੇ ਦੀ ਬਾਰ ਐਸੋਸੀਏਸ਼ਨ ਦੇ ਵਕੀਲ 5 ਨਵੰਬਰ ਨੂੰ ਮੁੱਖ ਮੰਤਰੀ ਬੇਅੰਤ ਸਿੰਘ ਦਾ ਚੰਡੀਗੜ੍ਹ ਵਿਖੇ ਸੈਕਟਰੀਏਟ ਵਿਖੇ

ਘੇਰਾਉ ਕਰਨਗੇ। ਸੂਬੇ ਦੇ ਸਮੂਹ ਵਕੀਲ 26 ਸਤੰਬਰ ਤੋਂ ਹੀ ਪੰਜਾਬ ਸਰਕਾਰ ਖ਼ਿਲਾਫ਼ ਹੜਤਾਲ ਉੱਤੇ ਹਨ। ਇਹ ਕਿਸੇ ਕਰ ਰਹੇ ਹਨ। ਇਥੇ ਕਪੂਰਥਲਾ, ਜਲੰਧਰ, ਫ਼ਰੀਦਕੋਟ, ਜਗਰਾਉਂ ਅਤੇ ਫ਼ਰਾਜ਼ਪੁਰ ਦੇ ਹਜ਼ਾਰਾਂ ਵਕੀਲਾਂ ਨੇ ਜ਼ਿਲ੍ਹਾ ਕਚਹਿਰੀਆਂ ਦੇ ਅੰਦਰ 2 ਘੰਟੇ ਧਰਨਾ ਦਿੱਤਾ। ਉਸ ਤੋਂ ਬਾਅਦ ਇਹ ਮਾਰਚ ਕਰਦੇ ਹੋਏ ਜਲੂਸ ਦੀ ਸ਼ਕਲ ਵਿੱਚ ਸੀਨੀਅਰ ਪੁਲੀਸ ਅਫ਼ਸਰ ਕੋਲ ਗਏ ਤੇ ਇਕ ਰਸਤੇ ਤੱਕ ਉਸਦੇ ਘਰ ਦਾ ਘੇਰਾਉ ਕੀਤਾ ਤੇ ਰੈਲੀ ਕੀਤੀ। ਰੈਲੀ

ਨੂੰ ਗਿਆਨ ਚੰਦ ਧੁਰੀਵਾਲਾ, ਪ੍ਰਧਾਨ ਬਾਰ ਐਸੋਸੀਏਸ਼ਨ ਪੰਜਾਬ ਤੇ ਹਰਿਆਣਾ ਤੇ ਚੰਡੀਗੜ੍ਹ ਜੀ. ਕੇ. ਅਗਨੀਹੋਤਰੀ ਪ੍ਰਧਾਨ ਬਾਰ ਐਸੋਸੀਏਸ਼ਨ ਜਲੰਧਰ, ਹਰਬਰਾ ਸਿੰਘ ਢਿੱਲੋਂ, ਮਨਜੀਤ ਸਿੰਘ ਖ਼ੁਸ਼ਰਨ, ਪਿਸ਼ੌਰਾ ਸਿੰਘ, ਹਰਚਰਨ ਸਿੰਘ ਜਲਾਲੀਆ, ਕੇ. ਸੀ. ਆਜ਼ਾਦ, ਆਰ. ਐਸ. ਢਿੱਲੋਂ ਅਤੇ ਫਰੀਦਕੋਟ ਅਤੇ ਜਗਰਾਉਂ ਦੀ ਪ੍ਰਧਾਨ ਬਾਰ ਐਸੋਸੀਏਸ਼ਨਾਂ ਨੇ ਸੰਬੋਧਨ ਕੀਤਾ। ਸਭ ਬੁਲਾਰਿਆਂ ਨੇ ਪੰਜਾਬ ਪੁਲੀਸ ਦੀ ਨਿਖੇਧੀ ਕੀਤੀ।
